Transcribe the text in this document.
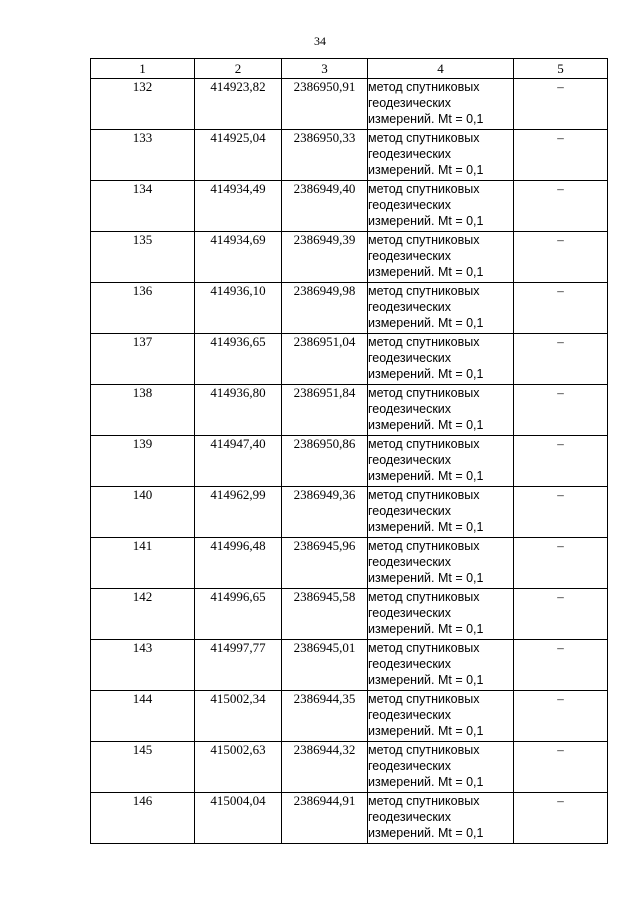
34
1	2	3	4	5
132	414923,82	2386950,91	метод спутниковых
геодезических
измерений. Mt = 0,1	–
133	414925,04	2386950,33	метод спутниковых
геодезических
измерений. Mt = 0,1	–
134	414934,49	2386949,40	метод спутниковых
геодезических
измерений. Mt = 0,1	–
135	414934,69	2386949,39	метод спутниковых
геодезических
измерений. Mt = 0,1	–
136	414936,10	2386949,98	метод спутниковых
геодезических
измерений. Mt = 0,1	–
137	414936,65	2386951,04	метод спутниковых
геодезических
измерений. Mt = 0,1	–
138	414936,80	2386951,84	метод спутниковых
геодезических
измерений. Mt = 0,1	–
139	414947,40	2386950,86	метод спутниковых
геодезических
измерений. Mt = 0,1	–
140	414962,99	2386949,36	метод спутниковых
геодезических
измерений. Mt = 0,1	–
141	414996,48	2386945,96	метод спутниковых
геодезических
измерений. Mt = 0,1	–
142	414996,65	2386945,58	метод спутниковых
геодезических
измерений. Mt = 0,1	–
143	414997,77	2386945,01	метод спутниковых
геодезических
измерений. Mt = 0,1	–
144	415002,34	2386944,35	метод спутниковых
геодезических
измерений. Mt = 0,1	–
145	415002,63	2386944,32	метод спутниковых
геодезических
измерений. Mt = 0,1	–
146	415004,04	2386944,91	метод спутниковых
геодезических
измерений. Mt = 0,1	–
